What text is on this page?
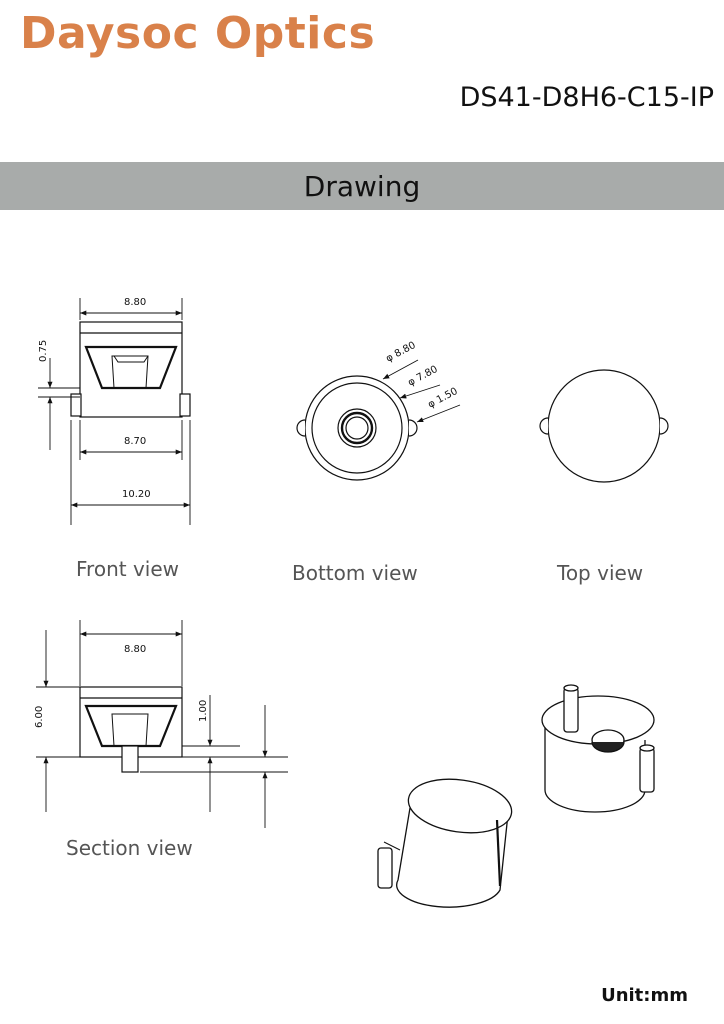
Daysoc Optics
DS41-D8H6-C15-IP
Drawing
8.80
0.75
8.70
10.20
φ 8.80
φ 7.80
φ 1.50
8.80
6.00	1.00
Front view	Bottom view	Top view
Section view
Unit:mm
